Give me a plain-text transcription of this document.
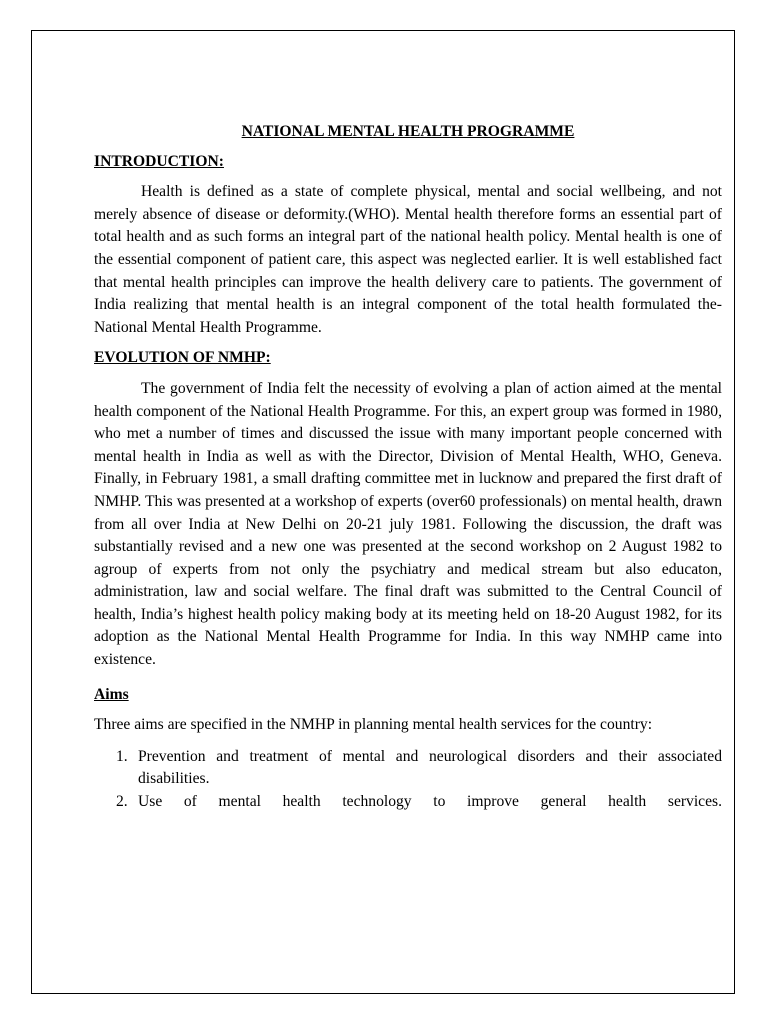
NATIONAL MENTAL HEALTH PROGRAMME
INTRODUCTION:

Health is defined as a state of complete physical, mental and social wellbeing, and not merely absence of disease or deformity.(WHO). Mental health therefore forms an essential part of total health and as such forms an integral part of the national health policy. Mental health is one of the essential component of patient care, this aspect was neglected earlier. It is well established fact that mental health principles can improve the health delivery care to patients. The government of India realizing that mental health is an integral component of the total health formulated the- National Mental Health Programme.

EVOLUTION OF NMHP:

The government of India felt the necessity of evolving a plan of action aimed at the mental health component of the National Health Programme. For this, an expert group was formed in 1980, who met a number of times and discussed the issue with many important people concerned with mental health in India as well as with the Director, Division of Mental Health, WHO, Geneva. Finally, in February 1981, a small drafting committee met in lucknow and prepared the first draft of NMHP. This was presented at a workshop of experts (over60 professionals) on mental health, drawn from all over India at New Delhi on 20-21 july 1981. Following the discussion, the draft was substantially revised and a new one was presented at the second workshop on 2 August 1982 to agroup of experts from not only the psychiatry and medical stream but also educaton, administration, law and social welfare. The final draft was submitted to the Central Council of health, India’s highest health policy making body at its meeting held on 18-20 August 1982, for its adoption as the National Mental Health Programme for India. In this way NMHP came into existence.

Aims

Three aims are specified in the NMHP in planning mental health services for the country:

1. Prevention and treatment of mental and neurological disorders and their associated disabilities.
2. Use of mental health technology to improve general health services.
